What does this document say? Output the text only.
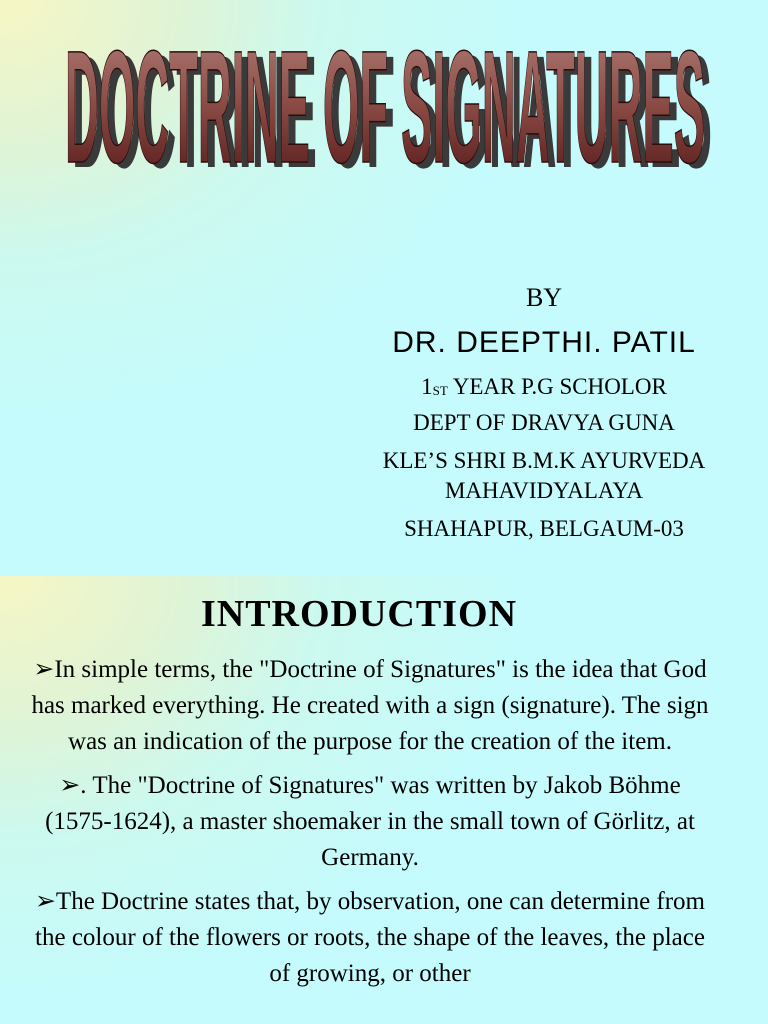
DOCTRINE OF SIGNATURES
DOCTRINE OF SIGNATURES
BY
DR. DEEPTHI. PATIL
1ST YEAR P.G SCHOLOR
DEPT OF DRAVYA GUNA
KLE’S SHRI B.M.K AYURVEDA MAHAVIDYALAYA
SHAHAPUR, BELGAUM-03
INTRODUCTION

➢In simple terms, the "Doctrine of Signatures" is the idea that God has marked everything. He created with a sign (signature). The sign was an indication of the purpose for the creation of the item.

➢. The "Doctrine of Signatures" was written by Jakob Böhme (1575-1624), a master shoemaker in the small town of Görlitz, at Germany.

➢The Doctrine states that, by observation, one can determine from the colour of the flowers or roots, the shape of the leaves, the place of growing, or other
